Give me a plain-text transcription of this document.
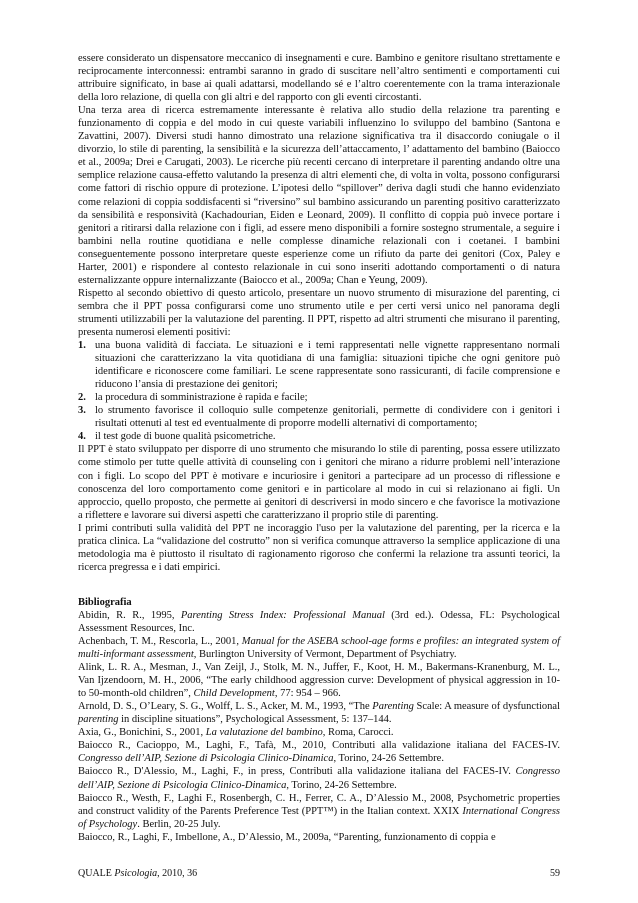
essere considerato un dispensatore meccanico di insegnamenti e cure. Bambino e genitore risultano strettamente e reciprocamente interconnessi: entrambi saranno in grado di suscitare nell’altro sentimenti e comportamenti cui attribuire significato, in base ai quali adattarsi, modellando sé e l’altro coerentemente con la trama interazionale della loro relazione, di quella con gli altri e del rapporto con gli eventi circostanti.

Una terza area di ricerca estremamente interessante è relativa allo studio della relazione tra parenting e funzionamento di coppia e del modo in cui queste variabili influenzino lo sviluppo del bambino (Santona e Zavattini, 2007). Diversi studi hanno dimostrato una relazione significativa tra il disaccordo coniugale o il divorzio, lo stile di parenting, la sensibilità e la sicurezza dell’attaccamento, l’ adattamento del bambino (Baiocco et al., 2009a; Drei e Carugati, 2003). Le ricerche più recenti cercano di interpretare il parenting andando oltre una semplice relazione causa-effetto valutando la presenza di altri elementi che, di volta in volta, possono configurarsi come fattori di rischio oppure di protezione. L’ipotesi dello “spillover” deriva dagli studi che hanno evidenziato come relazioni di coppia soddisfacenti si “riversino” sul bambino assicurando un parenting positivo caratterizzato da sensibilità e responsività (Kachadourian, Eiden e Leonard, 2009). Il conflitto di coppia può invece portare i genitori a ritirarsi dalla relazione con i figli, ad essere meno disponibili a fornire sostegno strumentale, a seguire i bambini nella routine quotidiana e nelle complesse dinamiche relazionali con i coetanei. I bambini conseguentemente possono interpretare queste esperienze come un rifiuto da parte dei genitori (Cox, Paley e Harter, 2001) e rispondere al contesto relazionale in cui sono inseriti adottando comportamenti o di natura esternalizzante oppure internalizzante (Baiocco et al., 2009a; Chan e Yeung, 2009).

Rispetto al secondo obiettivo di questo articolo, presentare un nuovo strumento di misurazione del parenting, ci sembra che il PPT possa configurarsi come uno strumento utile e per certi versi unico nel panorama degli strumenti utilizzabili per la valutazione del parenting. Il PPT, rispetto ad altri strumenti che misurano il parenting, presenta numerosi elementi positivi:

1. una buona validità di facciata. Le situazioni e i temi rappresentati nelle vignette rappresentano normali situazioni che caratterizzano la vita quotidiana di una famiglia: situazioni tipiche che ogni genitore può identificare e riconoscere come familiari. Le scene rappresentate sono rassicuranti, di facile comprensione e riducono l’ansia di prestazione dei genitori;
2. la procedura di somministrazione è rapida e facile;
3. lo strumento favorisce il colloquio sulle competenze genitoriali, permette di condividere con i genitori i risultati ottenuti al test ed eventualmente di proporre modelli alternativi di comportamento;
4. il test gode di buone qualità psicometriche.

Il PPT è stato sviluppato per disporre di uno strumento che misurando lo stile di parenting, possa essere utilizzato come stimolo per tutte quelle attività di counseling con i genitori che mirano a ridurre problemi nell’interazione con i figli. Lo scopo del PPT è motivare e incuriosire i genitori a partecipare ad un processo di riflessione e conoscenza del loro comportamento come genitori e in particolare al modo in cui si relazionano ai figli. Un approccio, quello proposto, che permette ai genitori di descriversi in modo sincero e che favorisce la motivazione a riflettere e lavorare sui diversi aspetti che caratterizzano il proprio stile di parenting.

I primi contributi sulla validità del PPT ne incoraggio l'uso per la valutazione del parenting, per la ricerca e la pratica clinica. La “validazione del costrutto” non si verifica comunque attraverso la semplice applicazione di una metodologia ma è piuttosto il risultato di ragionamento rigoroso che confermi la relazione tra assunti teorici, la ricerca pregressa e i dati empirici.

Bibliografia

Abidin, R. R., 1995, Parenting Stress Index: Professional Manual (3rd ed.). Odessa, FL: Psychological Assessment Resources, Inc.

Achenbach, T. M., Rescorla, L., 2001, Manual for the ASEBA school-age forms e profiles: an integrated system of multi-informant assessment, Burlington University of Vermont, Department of Psychiatry.

Alink, L. R. A., Mesman, J., Van Zeijl, J., Stolk, M. N., Juffer, F., Koot, H. M., Bakermans-Kranenburg, M. L., Van Ijzendoorn, M. H., 2006, “The early childhood aggression curve: Development of physical aggression in 10- to 50-month-old children”, Child Development, 77: 954 – 966.

Arnold, D. S., O’Leary, S. G., Wolff, L. S., Acker, M. M., 1993, “The Parenting Scale: A measure of dysfunctional parenting in discipline situations”, Psychological Assessment, 5: 137–144.

Axia, G., Bonichini, S., 2001, La valutazione del bambino, Roma, Carocci.

Baiocco R., Cacioppo, M., Laghi, F., Tafà, M., 2010, Contributi alla validazione italiana del FACES-IV. Congresso dell’AIP, Sezione di Psicologia Clinico-Dinamica, Torino, 24-26 Settembre.

Baiocco R., D'Alessio, M., Laghi, F., in press, Contributi alla validazione italiana del FACES-IV. Congresso dell’AIP, Sezione di Psicologia Clinico-Dinamica, Torino, 24-26 Settembre.

Baiocco R., Westh, F., Laghi F., Rosenbergh, C. H., Ferrer, C. A., D’Alessio M., 2008, Psychometric properties and construct validity of the Parents Preference Test (PPT™) in the Italian context. XXIX International Congress of Psychology. Berlin, 20-25 July.

Baiocco, R., Laghi, F., Imbellone, A., D’Alessio, M., 2009a, “Parenting, funzionamento di coppia e

QUALE Psicologia, 2010, 36	59
